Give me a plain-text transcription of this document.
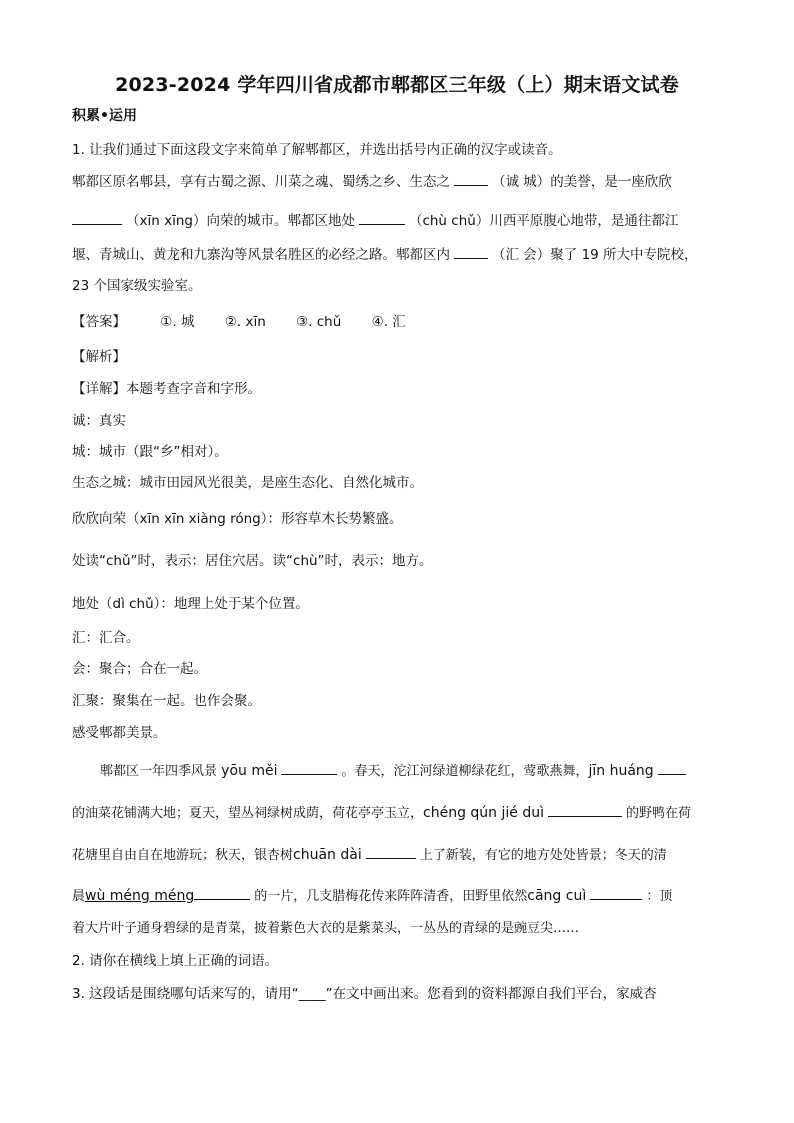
2023-2024 学年四川省成都市郫都区三年级（上）期末语文试卷
积累•运用
1. 让我们通过下面这段文字来简单了解郫都区，并选出括号内正确的汉字或读音。
郫都区原名郫县，享有古蜀之源、川菜之魂、蜀绣之乡、生态之	（诚 城）的美誉，是一座欣欣
（xīn xīng）向荣的城市。郫都区地处	（chù chǔ）川西平原腹心地带，是通往都江
堰、青城山、黄龙和九寨沟等风景名胜区的必经之路。郫都区内	（汇 会）聚了 19 所大中专院校，
23 个国家级实验室。
【答案】	①. 城 ②. xīn ③. chǔ ④. 汇
【解析】
【详解】本题考查字音和字形。
诚：真实
城：城市（跟“乡”相对）。
生态之城：城市田园风光很美，是座生态化、自然化城市。
欣欣向荣（xīn xīn xiàng róng）：形容草木长势繁盛。
处读“chǔ”时，表示：居住穴居。读“chù”时，表示：地方。
地处（dì chǔ）：地理上处于某个位置。
汇：汇合。
会：聚合；合在一起。
汇聚：聚集在一起。也作会聚。
感受郫都美景。
郫都区一年四季风景 yōu měi	。春天，沱江河绿道柳绿花红，莺歌燕舞，jīn huáng
的油菜花铺满大地；夏天，望丛祠绿树成荫，荷花亭亭玉立，chéng qún jié duì	的野鸭在荷
花塘里自由自在地游玩；秋天，银杏树chuān dài	上了新装，有它的地方处处皆景；冬天的清
晨wù méng méng	的一片，几支腊梅花传来阵阵清香，田野里依然cāng cuì	：顶
着大片叶子通身碧绿的是青菜，披着紫色大衣的是紫菜头，一丛丛的青绿的是豌豆尖……
2. 请你在横线上填上正确的词语。
3. 这段话是围绕哪句话来写的，请用“____”在文中画出来。您看到的资料都源自我们平台，家威杏
